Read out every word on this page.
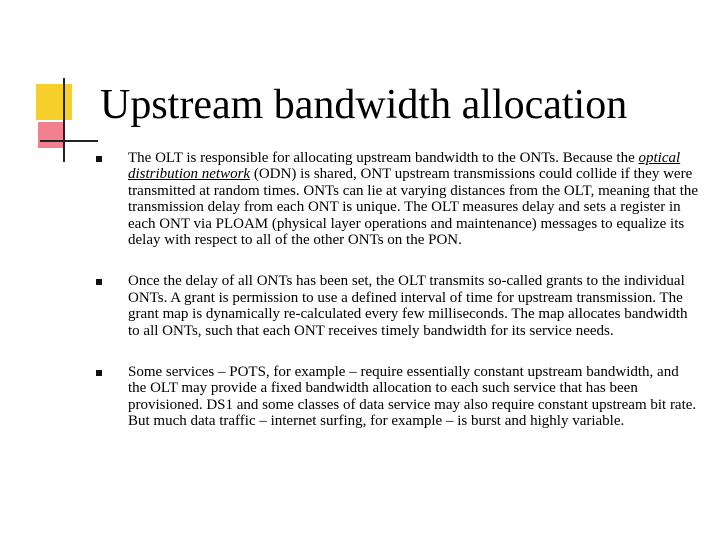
Upstream bandwidth allocation
The OLT is responsible for allocating upstream bandwidth to the ONTs. Because the optical distribution network (ODN) is shared, ONT upstream transmissions could collide if they were transmitted at random times. ONTs can lie at varying distances from the OLT, meaning that the transmission delay from each ONT is unique. The OLT measures delay and sets a register in each ONT via PLOAM (physical layer operations and maintenance) messages to equalize its delay with respect to all of the other ONTs on the PON.
Once the delay of all ONTs has been set, the OLT transmits so-called grants to the individual ONTs. A grant is permission to use a defined interval of time for upstream transmission. The grant map is dynamically re-calculated every few milliseconds. The map allocates bandwidth to all ONTs, such that each ONT receives timely bandwidth for its service needs.
Some services – POTS, for example – require essentially constant upstream bandwidth, and the OLT may provide a fixed bandwidth allocation to each such service that has been provisioned. DS1 and some classes of data service may also require constant upstream bit rate. But much data traffic – internet surfing, for example – is burst and highly variable.
